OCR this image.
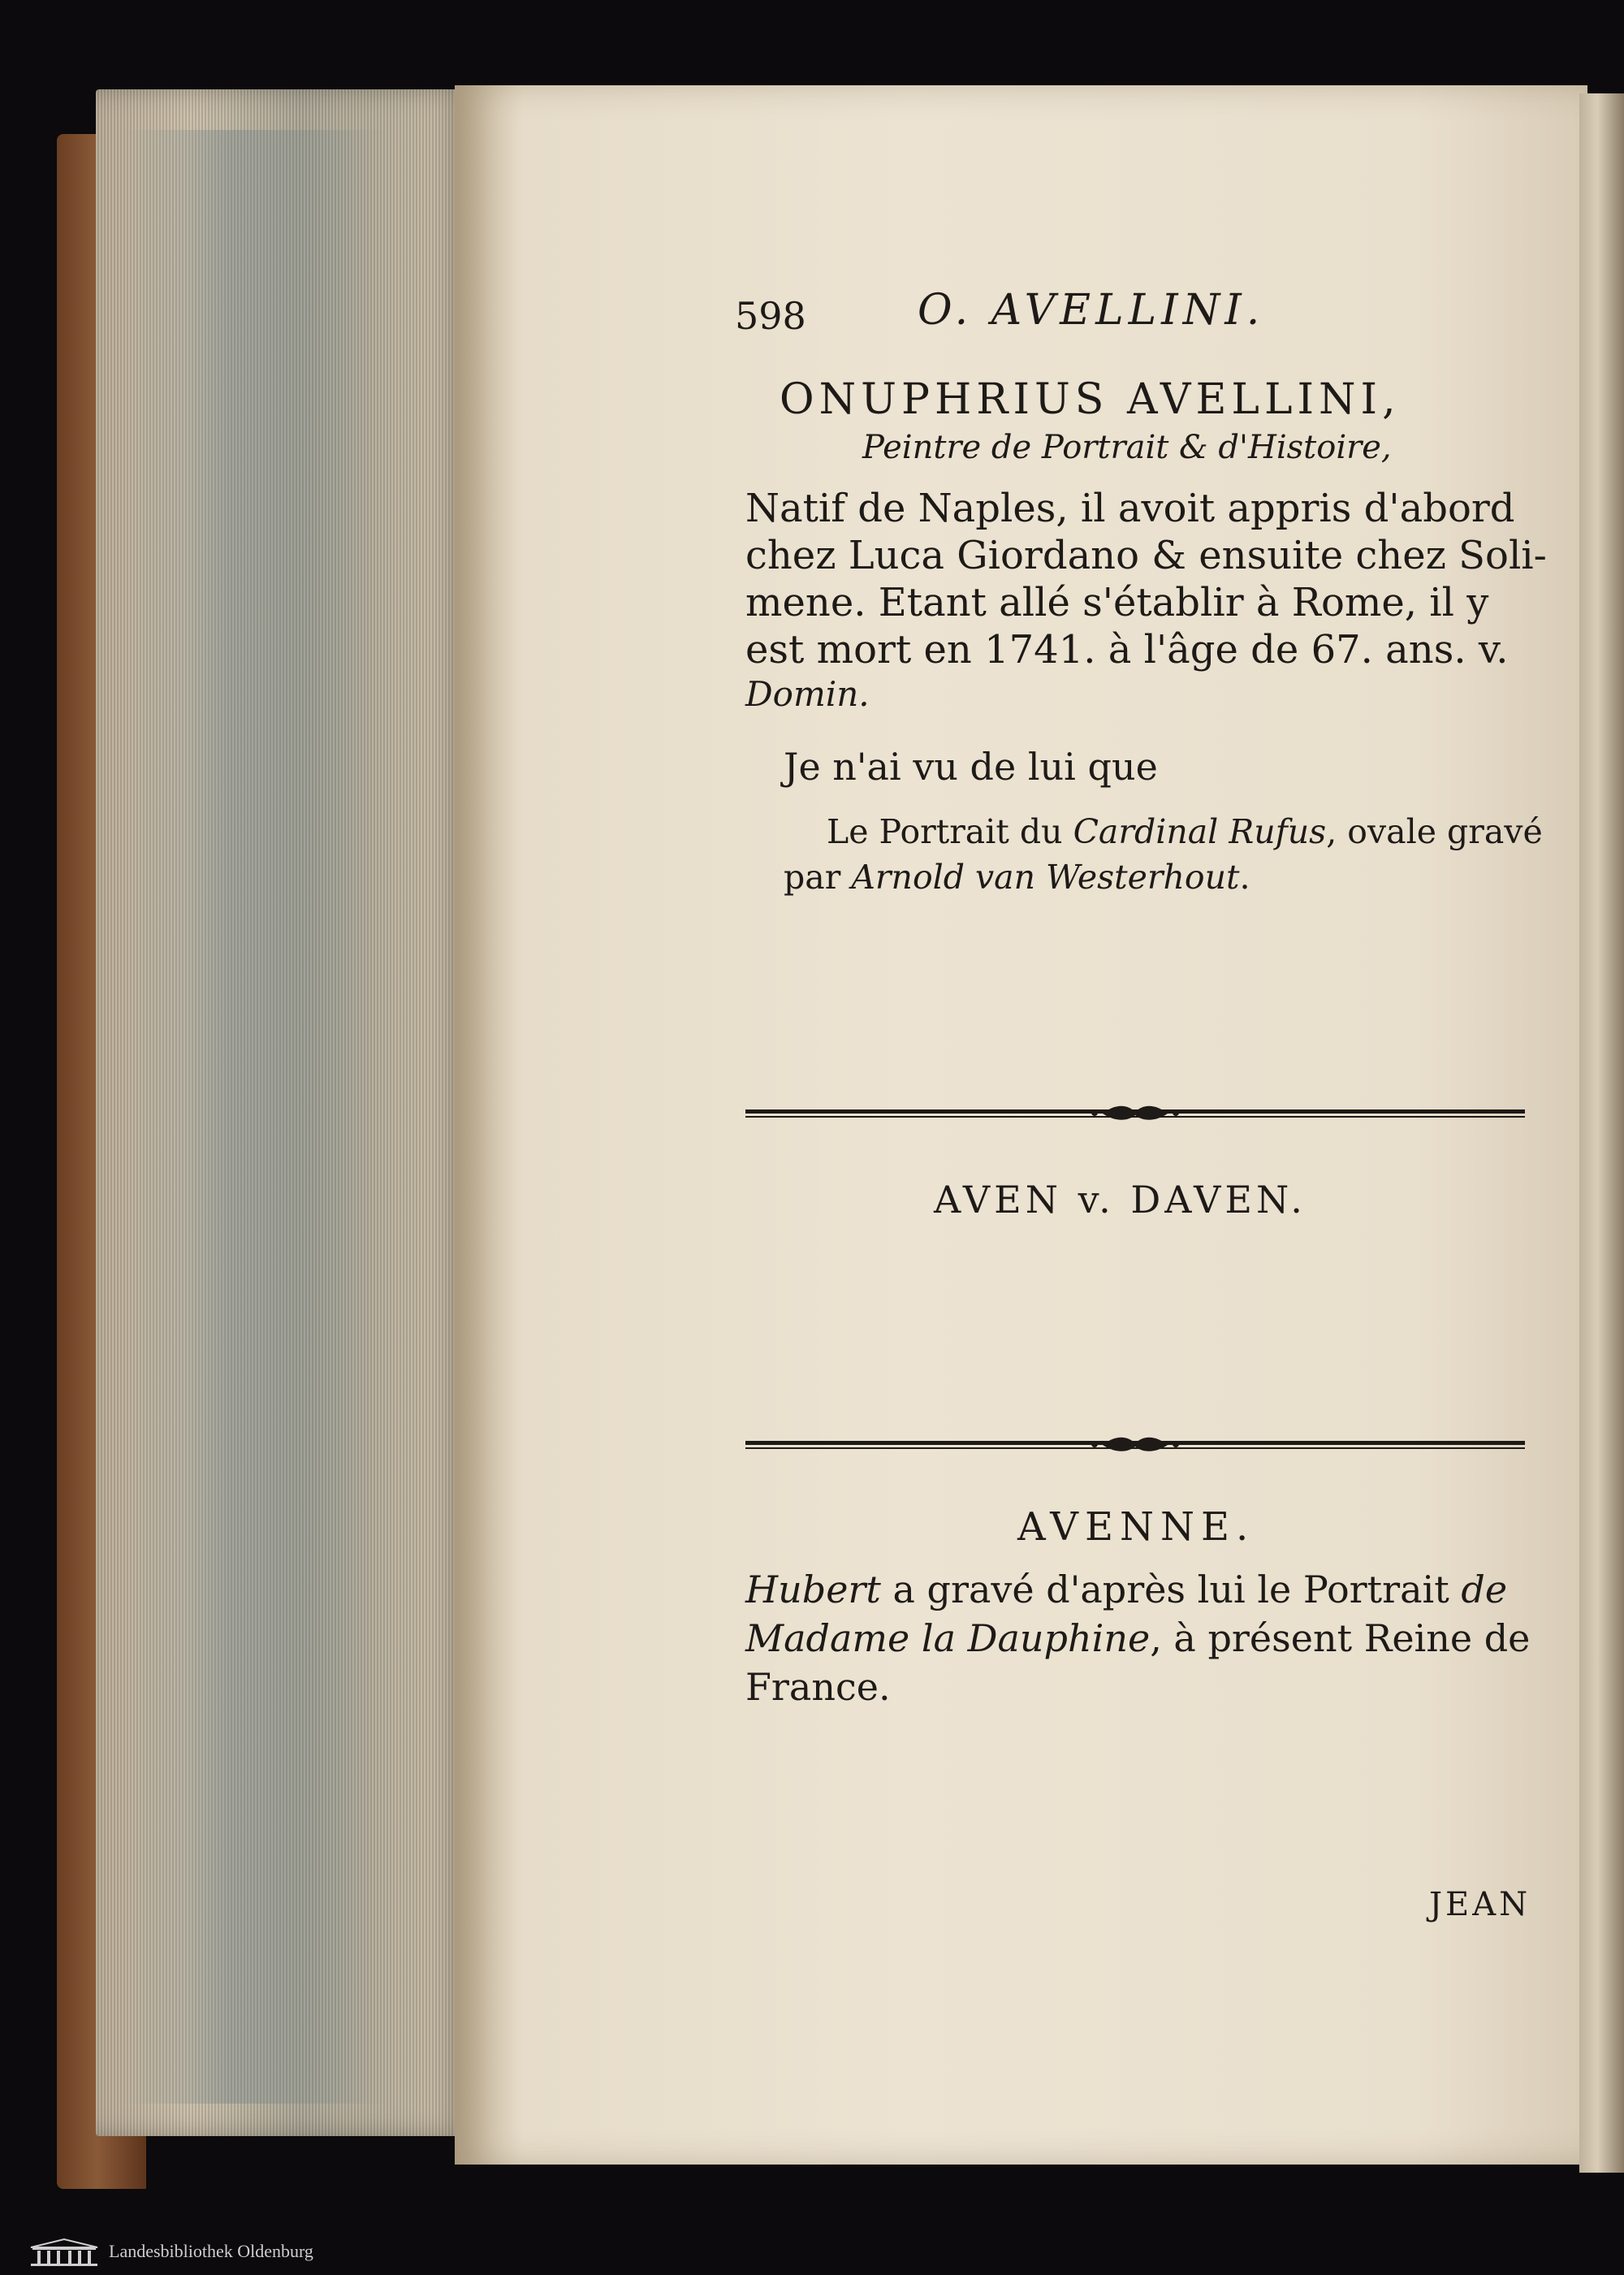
598	O. AVELLINI.
ONUPHRIUS AVELLINI,
Peintre de Portrait & d'Histoire,
Natif de Naples, il avoit appris d'abord
chez Luca Giordano & ensuite chez Soli-
mene. Etant allé s'établir à Rome, il y
est mort en 1741. à l'âge de 67. ans. v.
Domin.
Je n'ai vu de lui que
Le Portrait du Cardinal Rufus, ovale gravé
par Arnold van Westerhout.
AVEN v. DAVEN.
AVENNE.
Hubert a gravé d'après lui le Portrait de
Madame la Dauphine, à présent Reine de
France.
JEAN
Landesbibliothek Oldenburg
